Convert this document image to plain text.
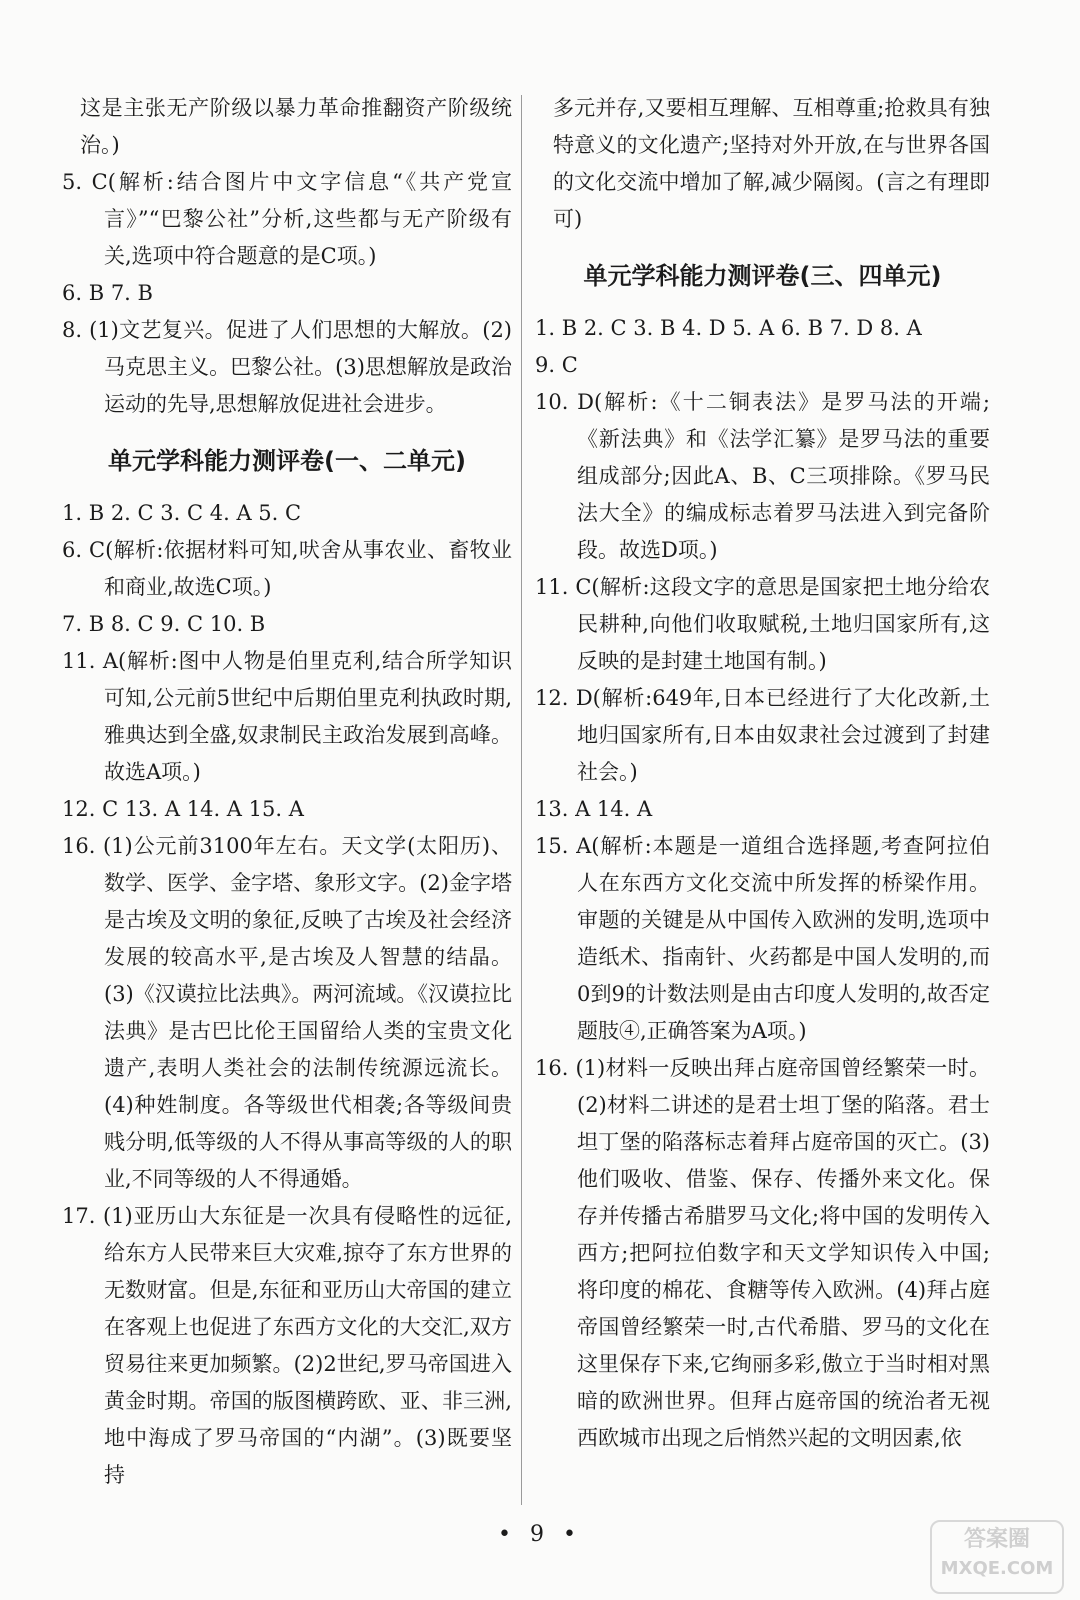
这是主张无产阶级以暴力革命推翻资产阶级统治。)
5. C(解析:结合图片中文字信息“《共产党宣言》”“巴黎公社”分析,这些都与无产阶级有关,选项中符合题意的是C项。)
6. B 7. B
8. (1)文艺复兴。促进了人们思想的大解放。(2)马克思主义。巴黎公社。(3)思想解放是政治运动的先导,思想解放促进社会进步。
单元学科能力测评卷(一、二单元)
1. B 2. C 3. C 4. A 5. C
6. C(解析:依据材料可知,吠舍从事农业、畜牧业和商业,故选C项。)
7. B 8. C 9. C 10. B
11. A(解析:图中人物是伯里克利,结合所学知识可知,公元前5世纪中后期伯里克利执政时期,雅典达到全盛,奴隶制民主政治发展到高峰。故选A项。)
12. C 13. A 14. A 15. A
16. (1)公元前3100年左右。天文学(太阳历)、数学、医学、金字塔、象形文字。(2)金字塔是古埃及文明的象征,反映了古埃及社会经济发展的较高水平,是古埃及人智慧的结晶。(3)《汉谟拉比法典》。两河流域。《汉谟拉比法典》是古巴比伦王国留给人类的宝贵文化遗产,表明人类社会的法制传统源远流长。(4)种姓制度。各等级世代相袭;各等级间贵贱分明,低等级的人不得从事高等级的人的职业,不同等级的人不得通婚。
17. (1)亚历山大东征是一次具有侵略性的远征,给东方人民带来巨大灾难,掠夺了东方世界的无数财富。但是,东征和亚历山大帝国的建立在客观上也促进了东西方文化的大交汇,双方贸易往来更加频繁。(2)2世纪,罗马帝国进入黄金时期。帝国的版图横跨欧、亚、非三洲,地中海成了罗马帝国的“内湖”。(3)既要坚持
多元并存,又要相互理解、互相尊重;抢救具有独特意义的文化遗产;坚持对外开放,在与世界各国的文化交流中增加了解,减少隔阂。(言之有理即可)
单元学科能力测评卷(三、四单元)
1. B 2. C 3. B 4. D 5. A 6. B 7. D 8. A
9. C
10. D(解析:《十二铜表法》是罗马法的开端;《新法典》和《法学汇纂》是罗马法的重要组成部分;因此A、B、C三项排除。《罗马民法大全》的编成标志着罗马法进入到完备阶段。故选D项。)
11. C(解析:这段文字的意思是国家把土地分给农民耕种,向他们收取赋税,土地归国家所有,这反映的是封建土地国有制。)
12. D(解析:649年,日本已经进行了大化改新,土地归国家所有,日本由奴隶社会过渡到了封建社会。)
13. A 14. A
15. A(解析:本题是一道组合选择题,考查阿拉伯人在东西方文化交流中所发挥的桥梁作用。审题的关键是从中国传入欧洲的发明,选项中造纸术、指南针、火药都是中国人发明的,而0到9的计数法则是由古印度人发明的,故否定题肢④,正确答案为A项。)
16. (1)材料一反映出拜占庭帝国曾经繁荣一时。(2)材料二讲述的是君士坦丁堡的陷落。君士坦丁堡的陷落标志着拜占庭帝国的灭亡。(3)他们吸收、借鉴、保存、传播外来文化。保存并传播古希腊罗马文化;将中国的发明传入西方;把阿拉伯数字和天文学知识传入中国;将印度的棉花、食糖等传入欧洲。(4)拜占庭帝国曾经繁荣一时,古代希腊、罗马的文化在这里保存下来,它绚丽多彩,傲立于当时相对黑暗的欧洲世界。但拜占庭帝国的统治者无视西欧城市出现之后悄然兴起的文明因素,依
• 9 •	答案圈
MXQE.COM
